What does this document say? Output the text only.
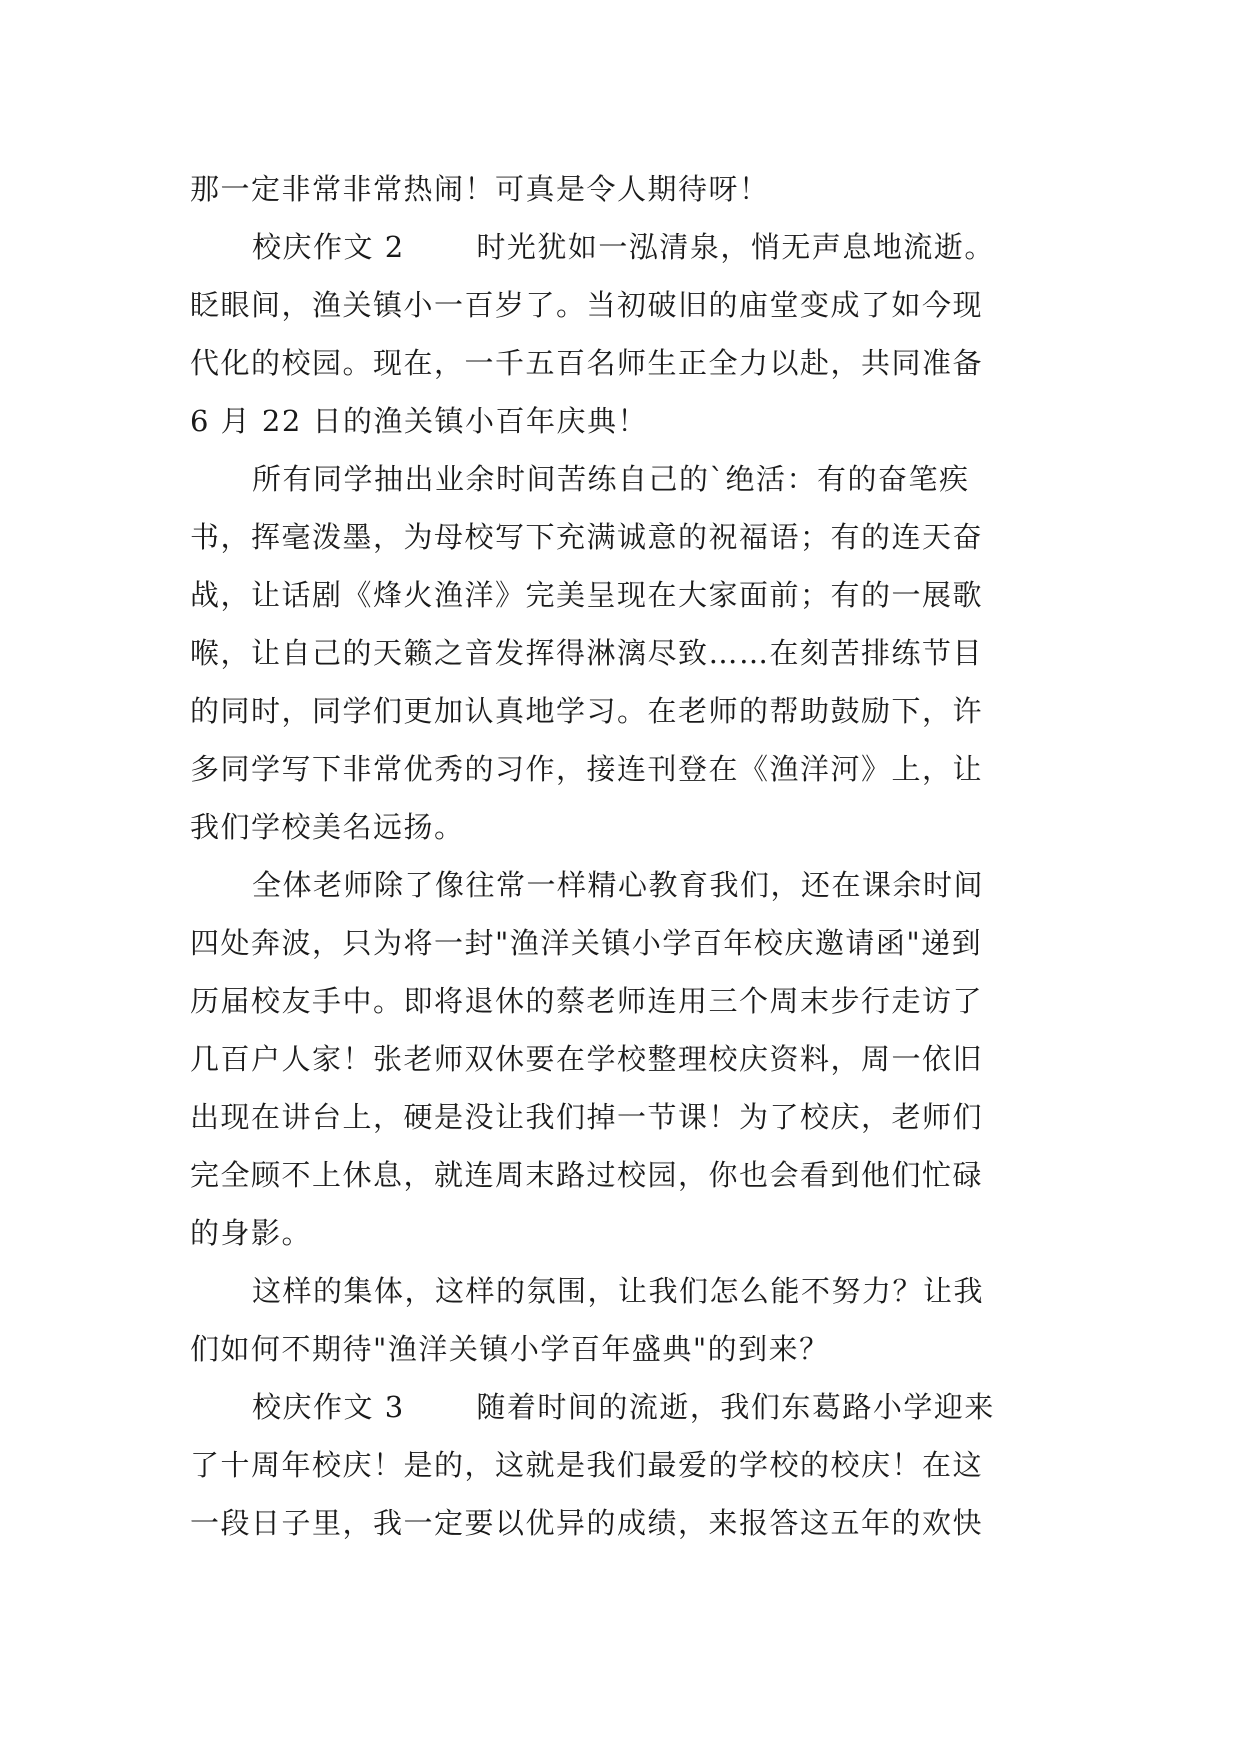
那一定非常非常热闹！可真是令人期待呀！
校庆作文 2 　　时光犹如一泓清泉，悄无声息地流逝。
眨眼间，渔关镇小一百岁了。当初破旧的庙堂变成了如今现
代化的校园。现在，一千五百名师生正全力以赴，共同准备
6 月 22 日的渔关镇小百年庆典！
所有同学抽出业余时间苦练自己的`绝活：有的奋笔疾
书，挥毫泼墨，为母校写下充满诚意的祝福语；有的连天奋
战，让话剧《烽火渔洋》完美呈现在大家面前；有的一展歌
喉，让自己的天籁之音发挥得淋漓尽致……在刻苦排练节目
的同时，同学们更加认真地学习。在老师的帮助鼓励下，许
多同学写下非常优秀的习作，接连刊登在《渔洋河》上，让
我们学校美名远扬。
全体老师除了像往常一样精心教育我们，还在课余时间
四处奔波，只为将一封"渔洋关镇小学百年校庆邀请函"递到
历届校友手中。即将退休的蔡老师连用三个周末步行走访了
几百户人家！张老师双休要在学校整理校庆资料，周一依旧
出现在讲台上，硬是没让我们掉一节课！为了校庆，老师们
完全顾不上休息，就连周末路过校园，你也会看到他们忙碌
的身影。
这样的集体，这样的氛围，让我们怎么能不努力？让我
们如何不期待"渔洋关镇小学百年盛典"的到来？
校庆作文 3 　　随着时间的流逝，我们东葛路小学迎来
了十周年校庆！是的，这就是我们最爱的学校的校庆！在这
一段日子里，我一定要以优异的成绩，来报答这五年的欢快
